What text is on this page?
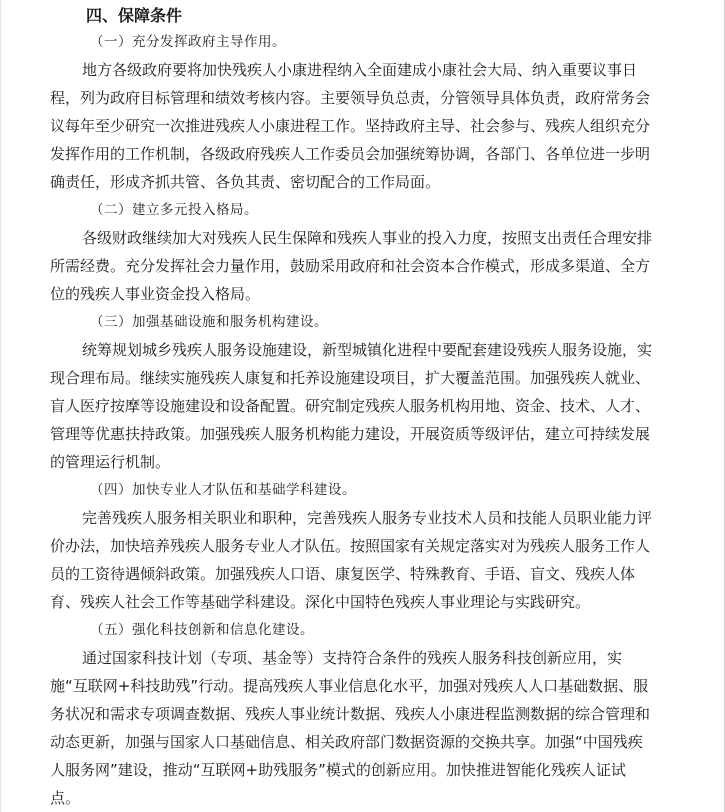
四、保障条件

（一）充分发挥政府主导作用。

地方各级政府要将加快残疾人小康进程纳入全面建成小康社会大局、纳入重要议事日
程，列为政府目标管理和绩效考核内容。主要领导负总责，分管领导具体负责，政府常务会
议每年至少研究一次推进残疾人小康进程工作。坚持政府主导、社会参与、残疾人组织充分
发挥作用的工作机制，各级政府残疾人工作委员会加强统筹协调，各部门、各单位进一步明
确责任，形成齐抓共管、各负其责、密切配合的工作局面。

（二）建立多元投入格局。

各级财政继续加大对残疾人民生保障和残疾人事业的投入力度，按照支出责任合理安排
所需经费。充分发挥社会力量作用，鼓励采用政府和社会资本合作模式，形成多渠道、全方
位的残疾人事业资金投入格局。

（三）加强基础设施和服务机构建设。

统筹规划城乡残疾人服务设施建设，新型城镇化进程中要配套建设残疾人服务设施，实
现合理布局。继续实施残疾人康复和托养设施建设项目，扩大覆盖范围。加强残疾人就业、
盲人医疗按摩等设施建设和设备配置。研究制定残疾人服务机构用地、资金、技术、人才、
管理等优惠扶持政策。加强残疾人服务机构能力建设，开展资质等级评估，建立可持续发展
的管理运行机制。

（四）加快专业人才队伍和基础学科建设。

完善残疾人服务相关职业和职种，完善残疾人服务专业技术人员和技能人员职业能力评
价办法，加快培养残疾人服务专业人才队伍。按照国家有关规定落实对为残疾人服务工作人
员的工资待遇倾斜政策。加强残疾人口语、康复医学、特殊教育、手语、盲文、残疾人体
育、残疾人社会工作等基础学科建设。深化中国特色残疾人事业理论与实践研究。

（五）强化科技创新和信息化建设。

通过国家科技计划（专项、基金等）支持符合条件的残疾人服务科技创新应用，实
施“互联网+科技助残”行动。提高残疾人事业信息化水平，加强对残疾人人口基础数据、服
务状况和需求专项调查数据、残疾人事业统计数据、残疾人小康进程监测数据的综合管理和
动态更新，加强与国家人口基础信息、相关政府部门数据资源的交换共享。加强“中国残疾
人服务网”建设，推动“互联网+助残服务”模式的创新应用。加快推进智能化残疾人证试
点。
